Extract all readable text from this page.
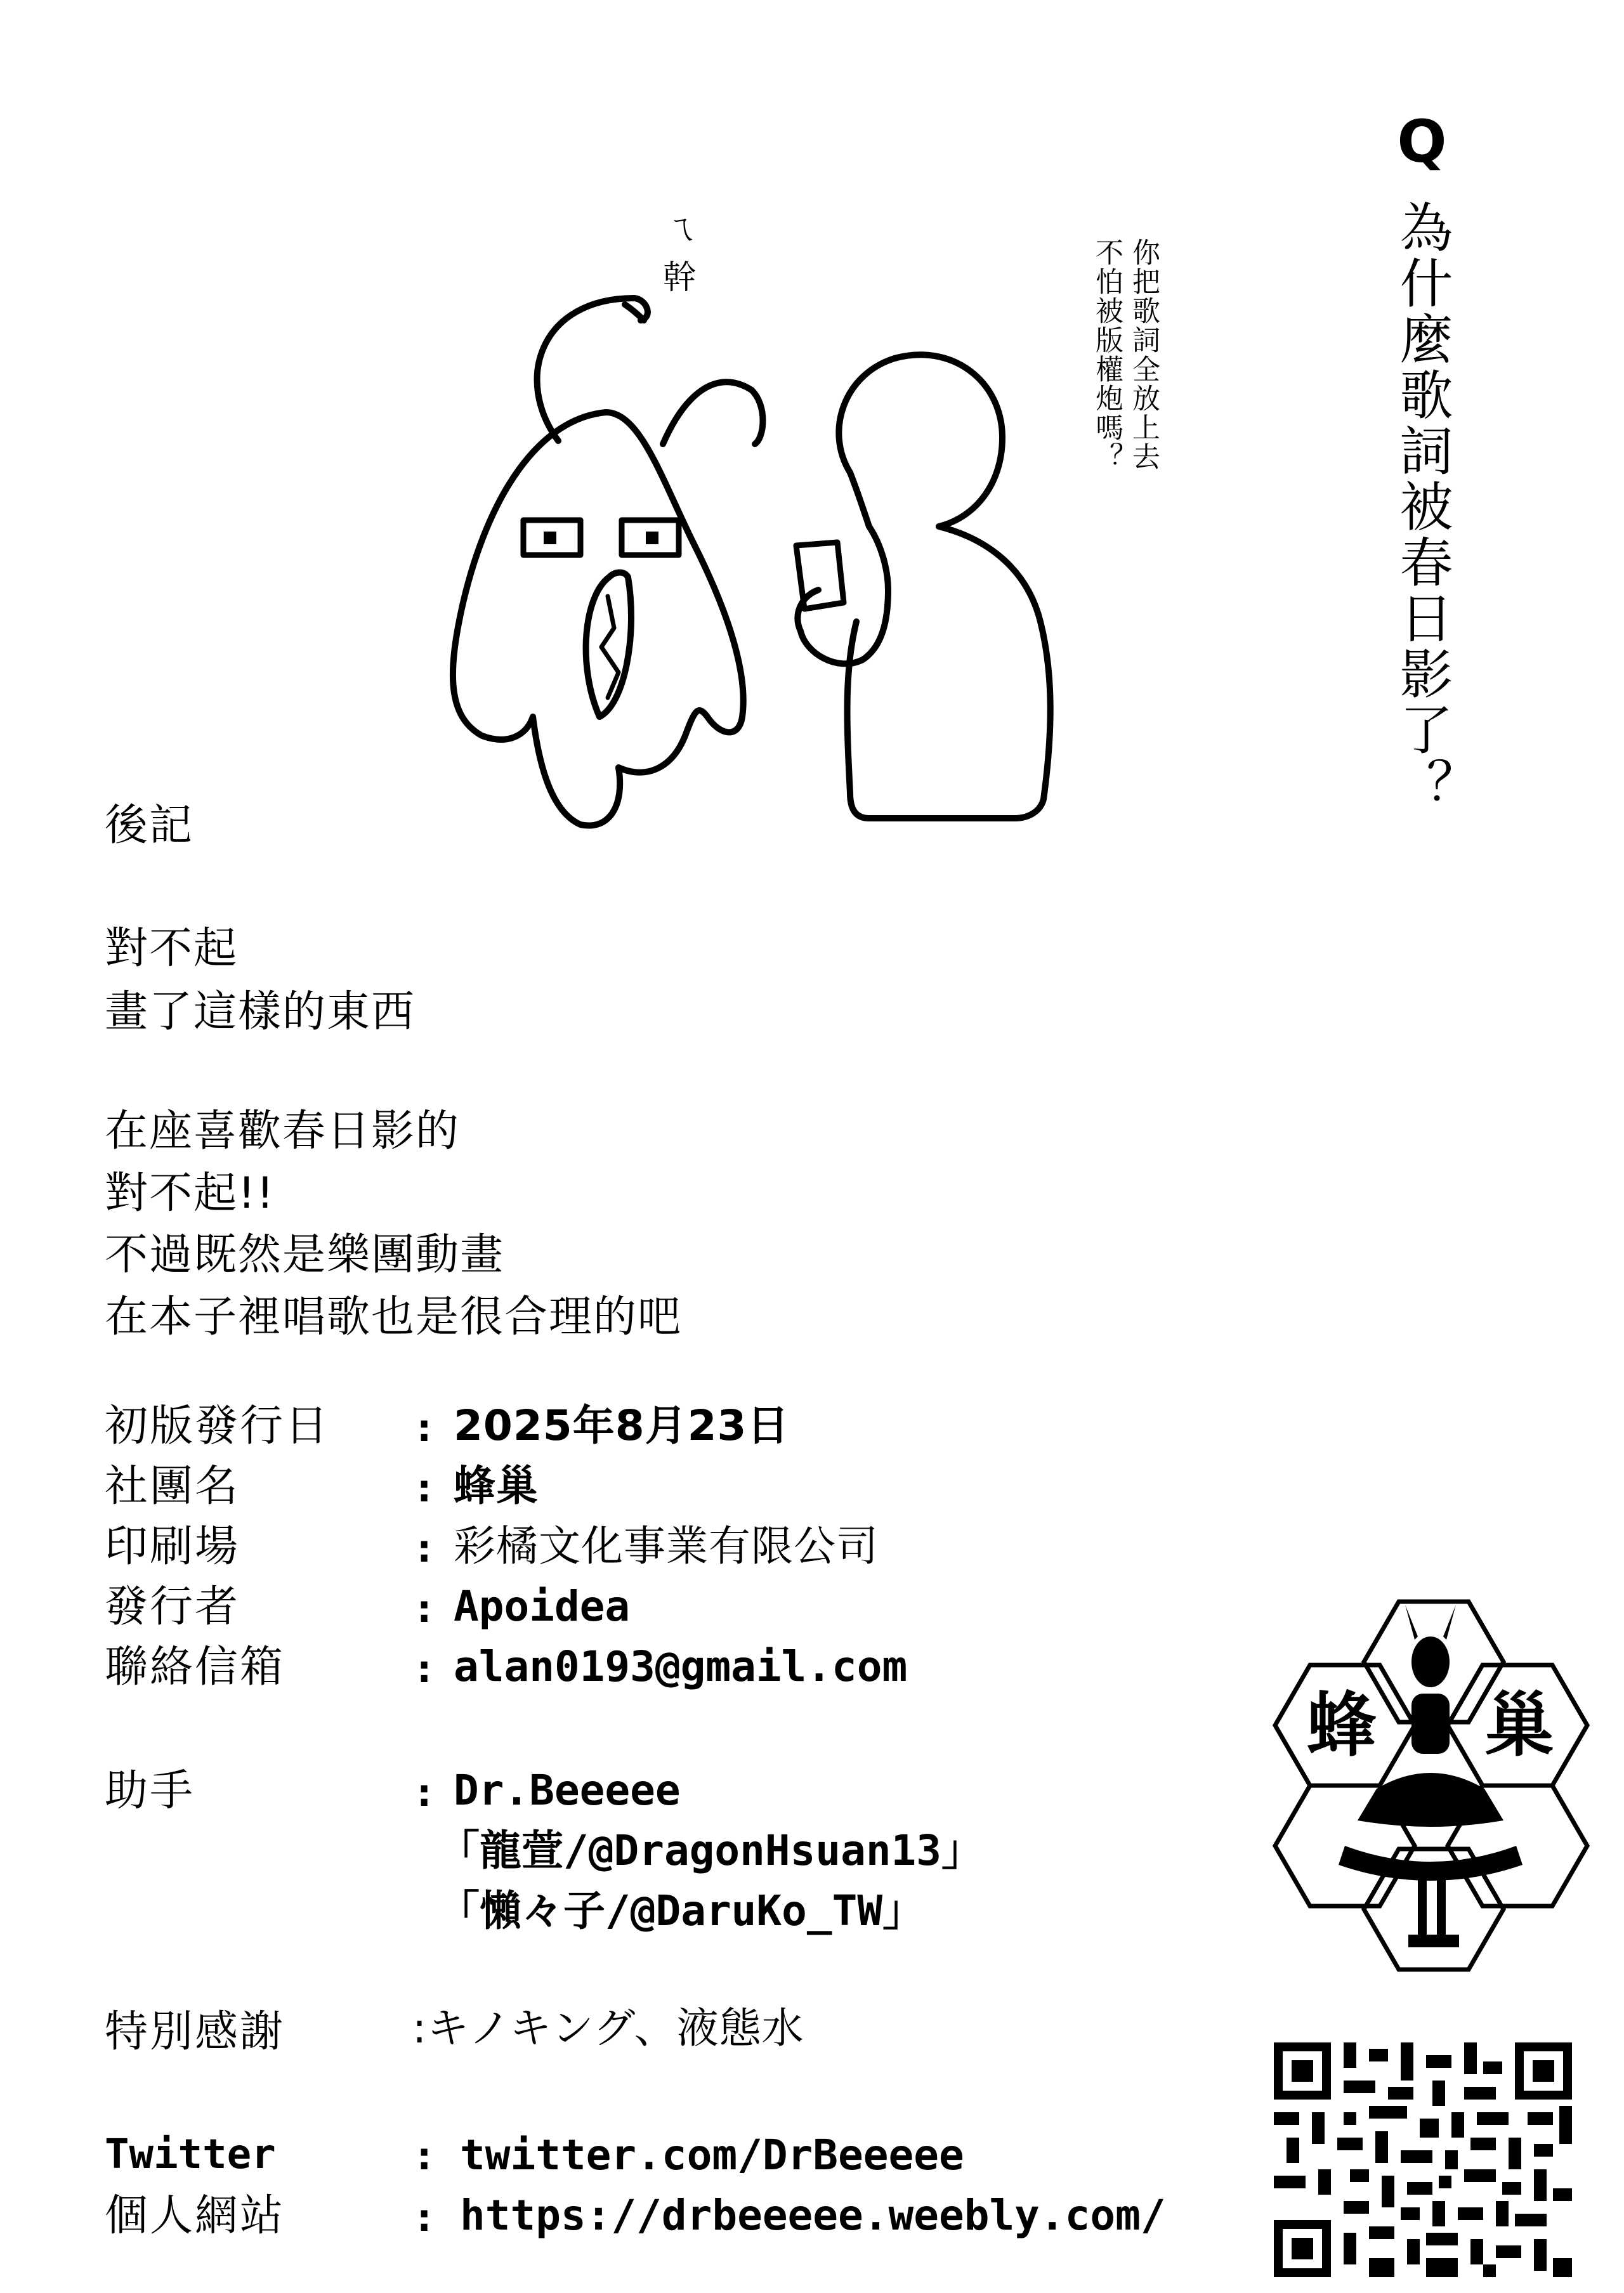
Q
為什麼歌詞被春日影了？
你把歌詞全放上去
不怕被版權炮嗎？
ㄟ
幹
後記
對不起
畫了這樣的東西
在座喜歡春日影的
對不起!!
不過既然是樂團動畫
在本子裡唱歌也是很合理的吧
初版發行日 : 2025年8月23日
社團名	: 蜂巢
印刷場	: 彩橘文化事業有限公司
發行者	: Apoidea
聯絡信箱	: alan0193@gmail.com
助手	: Dr.Beeeee
「龍萱/@DragonHsuan13」
「懶々子/@DaruKo_TW」
特別感謝	:キノキング、液態水
Twitter	: twitter.com/DrBeeeee
個人網站	: https://drbeeeee.weebly.com/
蜂 巢
